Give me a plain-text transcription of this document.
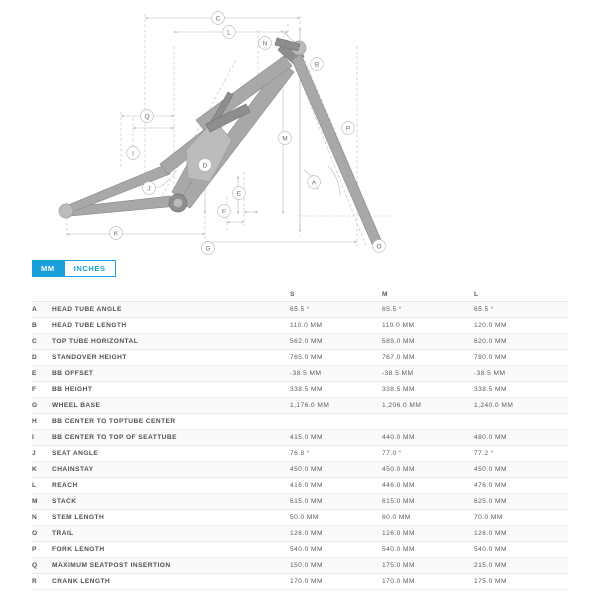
C
L
N
B
Q
I
D
J
E
F
G
K
M
A
P
O
MM	INCHES
S	M	L
A	HEAD TUBE ANGLE	65.5 °	65.5 °	65.5 °
B	HEAD TUBE LENGTH	110.0 MM	110.0 MM	120.0 MM
C	TOP TUBE HORIZONTAL	562.0 MM	589.0 MM	620.0 MM
D	STANDOVER HEIGHT	765.0 MM	767.0 MM	780.0 MM
E	BB OFFSET	-38.5 MM	-38.5 MM	-38.5 MM
F	BB HEIGHT	338.5 MM	338.5 MM	338.5 MM
G	WHEEL BASE	1,176.0 MM	1,206.0 MM	1,240.0 MM
H	BB CENTER TO TOPTUBE CENTER
I	BB CENTER TO TOP OF SEATTUBE	415.0 MM	440.0 MM	480.0 MM
J	SEAT ANGLE	76.8 °	77.0 °	77.2 °
K	CHAINSTAY	450.0 MM	450.0 MM	450.0 MM
L	REACH	416.0 MM	446.0 MM	476.0 MM
M	STACK	615.0 MM	615.0 MM	625.0 MM
N	STEM LENGTH	50.0 MM	60.0 MM	70.0 MM
O	TRAIL	126.0 MM	126.0 MM	126.0 MM
P	FORK LENGTH	540.0 MM	540.0 MM	540.0 MM
Q	MAXIMUM SEATPOST INSERTION	150.0 MM	175.0 MM	215.0 MM
R	CRANK LENGTH	170.0 MM	170.0 MM	175.0 MM
